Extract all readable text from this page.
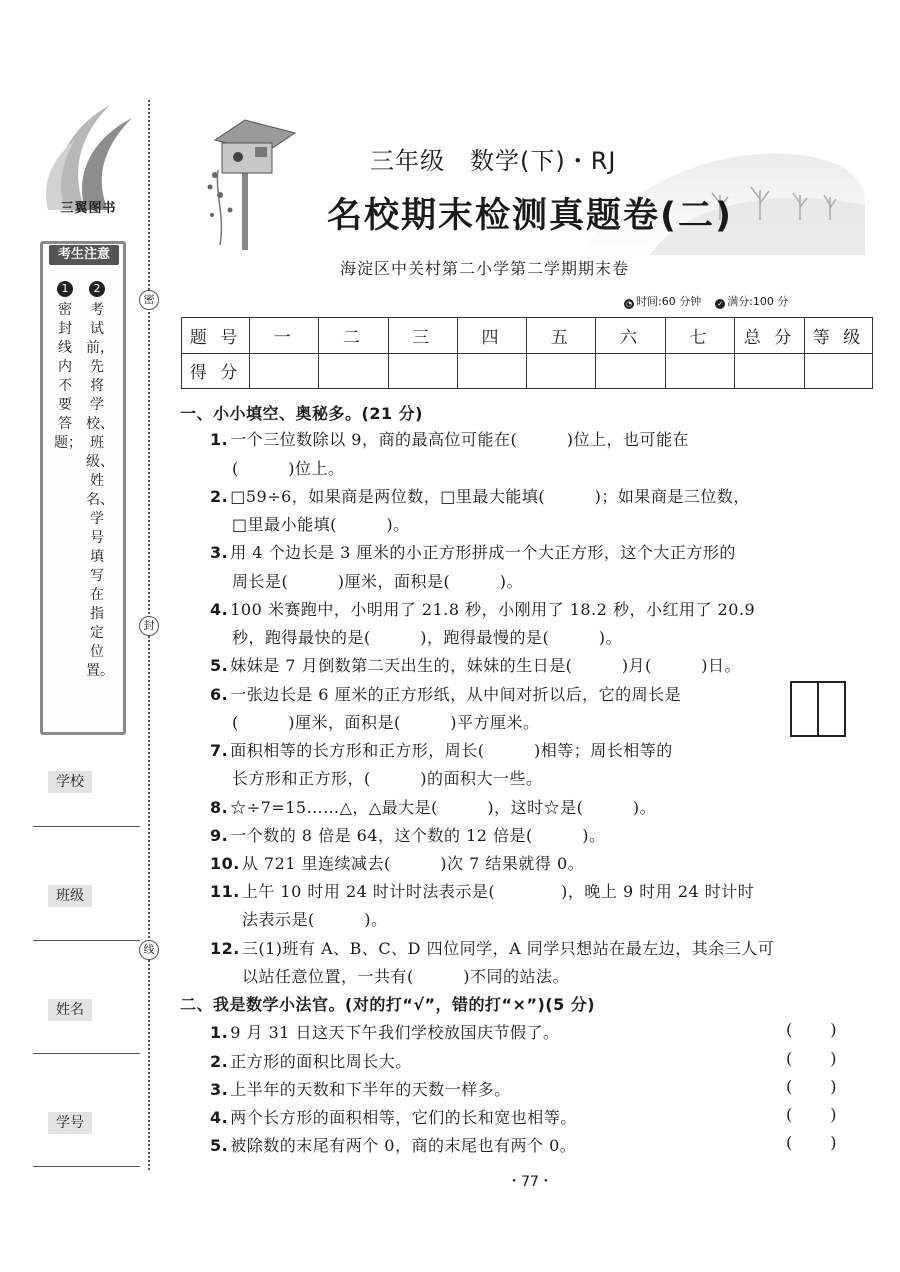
三翼图书
考生注意
1
密封线内不要答题；
2
考试前，先将学校、班级、姓名、学号填写在指定位置。
学校
班级
姓名
学号
密
封
线
三年级　数学(下)・RJ
名校期末检测真题卷(二)
海淀区中关村第二小学第二学期期末卷
◔ 时间:60 分钟 ✓ 满分:100 分
题 号	一	二	三	四	五	六	七	总 分	等 级
得 分									
一、小小填空、奥秘多。(21 分)
1. 一个三位数除以 9，商的最高位可能在(　　　)位上，也可能在
(　　　)位上。
2. □59÷6，如果商是两位数，□里最大能填(　　　)；如果商是三位数，
□里最小能填(　　　)。
3. 用 4 个边长是 3 厘米的小正方形拼成一个大正方形，这个大正方形的
周长是(　　　)厘米，面积是(　　　)。
4. 100 米赛跑中，小明用了 21.8 秒，小刚用了 18.2 秒，小红用了 20.9
秒，跑得最快的是(　　　)，跑得最慢的是(　　　)。
5. 妹妹是 7 月倒数第二天出生的，妹妹的生日是(　　　)月(　　　)日。
6. 一张边长是 6 厘米的正方形纸，从中间对折以后，它的周长是
(　　　)厘米，面积是(　　　)平方厘米。
7. 面积相等的长方形和正方形，周长(　　　)相等；周长相等的
长方形和正方形，(　　　)的面积大一些。
8. ☆÷7=15……△，△最大是(　　　)，这时☆是(　　　)。
9. 一个数的 8 倍是 64，这个数的 12 倍是(　　　)。
10. 从 721 里连续减去(　　　)次 7 结果就得 0。
11. 上午 10 时用 24 时计时法表示是(　　　　)，晚上 9 时用 24 时计时
法表示是(　　　)。
12. 三(1)班有 A、B、C、D 四位同学，A 同学只想站在最左边，其余三人可
以站任意位置，一共有(　　　)不同的站法。
二、我是数学小法官。(对的打“√”，错的打“×”)(5 分)
1. 9 月 31 日这天下午我们学校放国庆节假了。	()
2. 正方形的面积比周长大。	()
3. 上半年的天数和下半年的天数一样多。	()
4. 两个长方形的面积相等，它们的长和宽也相等。	()
5. 被除数的末尾有两个 0，商的末尾也有两个 0。	()
・77・
